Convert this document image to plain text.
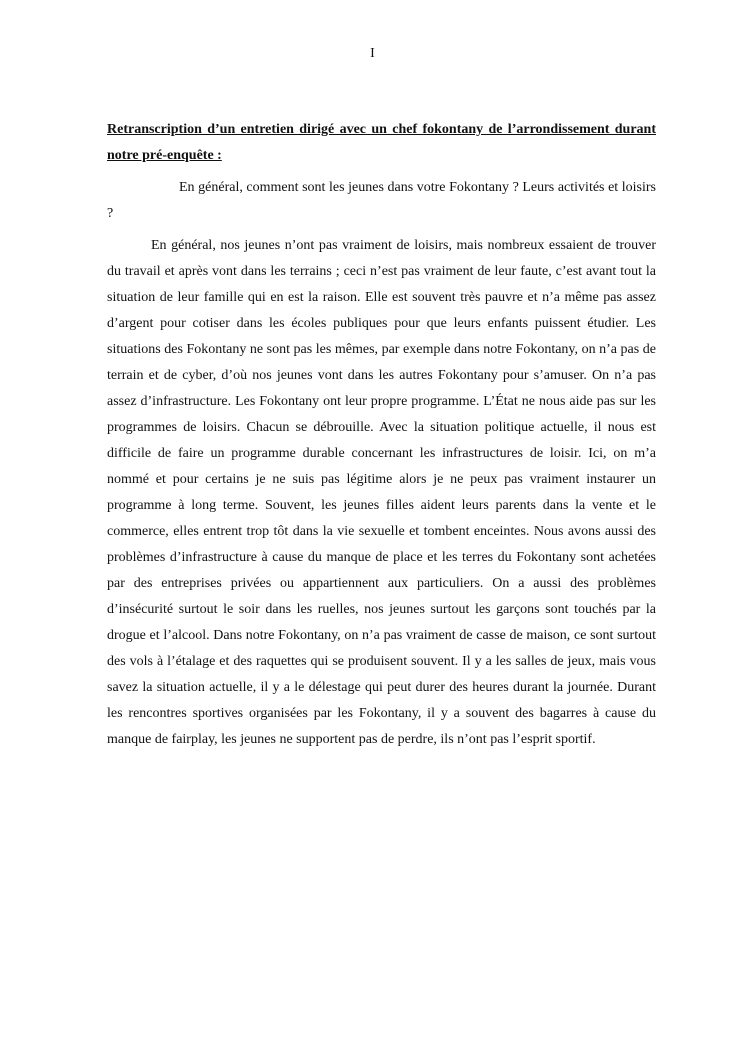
I

Retranscription d’un entretien dirigé avec un chef fokontany de l’arrondissement durant notre pré-enquête :

En général, comment sont les jeunes dans votre Fokontany ? Leurs activités et loisirs ?

En général, nos jeunes n’ont pas vraiment de loisirs, mais nombreux essaient de trouver du travail et après vont dans les terrains ; ceci n’est pas vraiment de leur faute, c’est avant tout la situation de leur famille qui en est la raison. Elle est souvent très pauvre et n’a même pas assez d’argent pour cotiser dans les écoles publiques pour que leurs enfants puissent étudier. Les situations des Fokontany ne sont pas les mêmes, par exemple dans notre Fokontany, on n’a pas de terrain et de cyber, d’où nos jeunes vont dans les autres Fokontany pour s’amuser. On n’a pas assez d’infrastructure. Les Fokontany ont leur propre programme. L’État ne nous aide pas sur les programmes de loisirs. Chacun se débrouille. Avec la situation politique actuelle, il nous est difficile de faire un programme durable concernant les infrastructures de loisir. Ici, on m’a nommé et pour certains je ne suis pas légitime alors je ne peux pas vraiment instaurer un programme à long terme. Souvent, les jeunes filles aident leurs parents dans la vente et le commerce, elles entrent trop tôt dans la vie sexuelle et tombent enceintes. Nous avons aussi des problèmes d’infrastructure à cause du manque de place et les terres du Fokontany sont achetées par des entreprises privées ou appartiennent aux particuliers. On a aussi des problèmes d’insécurité surtout le soir dans les ruelles, nos jeunes surtout les garçons sont touchés par la drogue et l’alcool. Dans notre Fokontany, on n’a pas vraiment de casse de maison, ce sont surtout des vols à l’étalage et des raquettes qui se produisent souvent. Il y a les salles de jeux, mais vous savez la situation actuelle, il y a le délestage qui peut durer des heures durant la journée. Durant les rencontres sportives organisées par les Fokontany, il y a souvent des bagarres à cause du manque de fairplay, les jeunes ne supportent pas de perdre, ils n’ont pas l’esprit sportif.
